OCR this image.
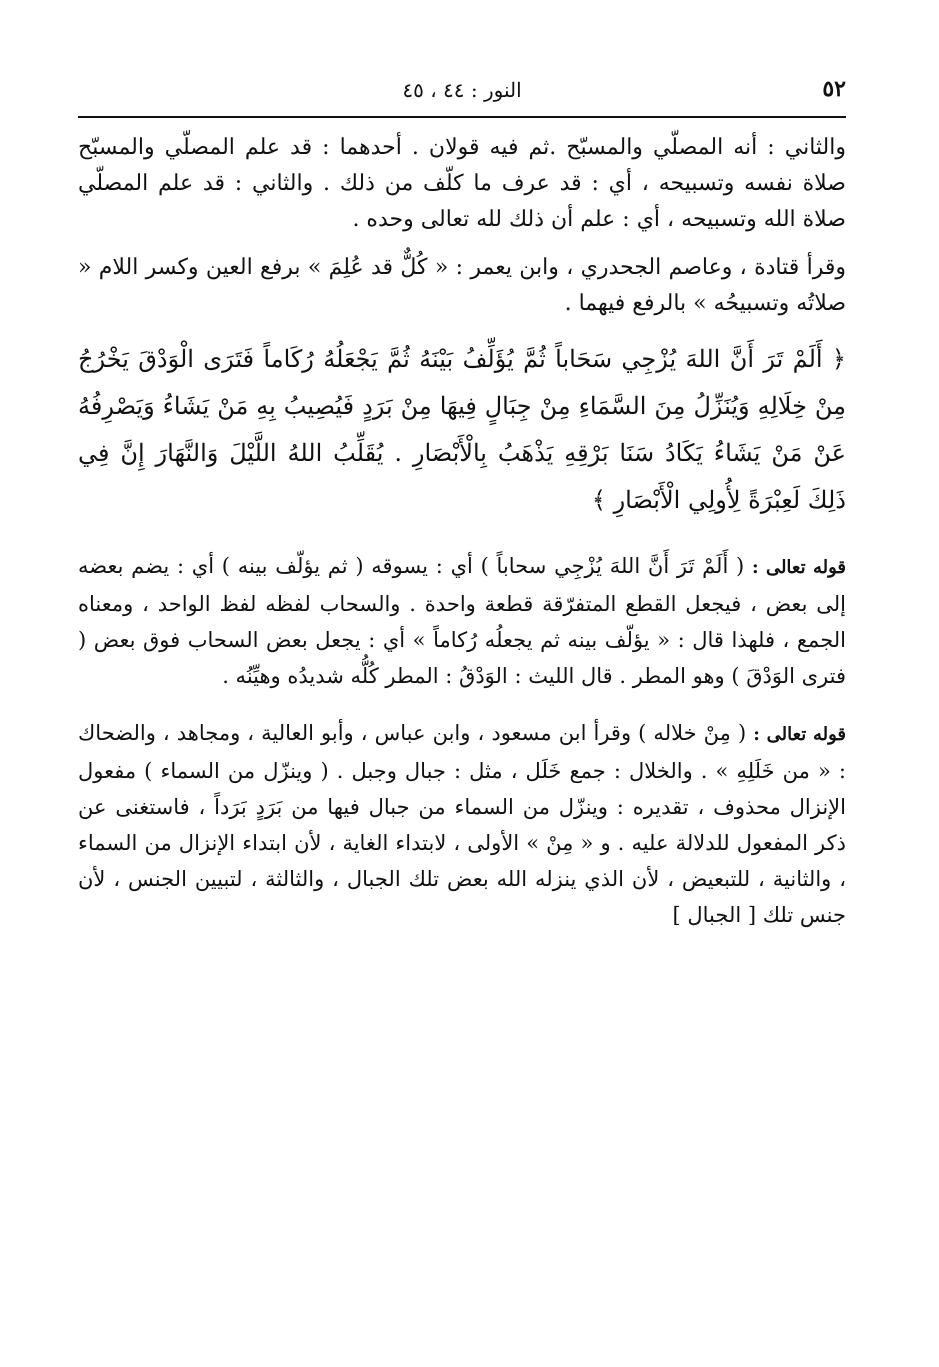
٥٢
النور : ٤٤ ، ٤٥

والثاني : أنه المصلّي والمسبّح .ثم فيه قولان . أحدهما : قد علم المصلّي والمسبّح صلاة نفسه وتسبيحه ، أي : قد عرف ما كلّف من ذلك . والثاني : قد علم المصلّي صلاة الله وتسبيحه ، أي : علم أن ذلك لله تعالى وحده .

وقرأ قتادة ، وعاصم الجحدري ، وابن يعمر : « كُلٌّ قد عُلِمَ » برفع العين وكسر اللام « صلاتُه وتسبيحُه » بالرفع فيهما .

﴿ أَلَمْ تَرَ أَنَّ اللهَ يُزْجِي سَحَاباً ثُمَّ يُؤَلِّفُ بَيْنَهُ ثُمَّ يَجْعَلُهُ رُكَاماً فَتَرَى الْوَدْقَ يَخْرُجُ مِنْ خِلَالِهِ وَيُنَزِّلُ مِنَ السَّمَاءِ مِنْ جِبَالٍ فِيهَا مِنْ بَرَدٍ فَيُصِيبُ بِهِ مَنْ يَشَاءُ وَيَصْرِفُهُ عَنْ مَنْ يَشَاءُ يَكَادُ سَنَا بَرْقِهِ يَذْهَبُ بِالْأَبْصَارِ . يُقَلِّبُ اللهُ اللَّيْلَ وَالنَّهَارَ إِنَّ فِي ذَلِكَ لَعِبْرَةً لِأُولِي الْأَبْصَارِ ﴾

قوله تعالى : ( أَلَمْ تَرَ أَنَّ اللهَ يُزْجِي سحاباً ) أي : يسوقه ( ثم يؤلّف بينه ) أي : يضم بعضه إلى بعض ، فيجعل القطع المتفرّقة قطعة واحدة . والسحاب لفظه لفظ الواحد ، ومعناه الجمع ، فلهذا قال : « يؤلّف بينه ثم يجعلُه رُكاماً » أي : يجعل بعض السحاب فوق بعض ( فترى الوَدْقَ ) وهو المطر . قال الليث : الوَدْقُ : المطر كُلُّه شديدُه وهيِّنُه .

قوله تعالى : ( مِنْ خلاله ) وقرأ ابن مسعود ، وابن عباس ، وأبو العالية ، ومجاهد ، والضحاك : « من خَلَلِهِ » . والخلال : جمع خَلَل ، مثل : جبال وجبل . ( وينزّل من السماء ) مفعول الإنزال محذوف ، تقديره : وينزّل من السماء من جبال فيها من بَرَدٍ بَرَداً ، فاستغنى عن ذكر المفعول للدلالة عليه . و « مِنْ » الأولى ، لابتداء الغاية ، لأن ابتداء الإنزال من السماء ، والثانية ، للتبعيض ، لأن الذي ينزله الله بعض تلك الجبال ، والثالثة ، لتبيين الجنس ، لأن جنس تلك [ الجبال ]
